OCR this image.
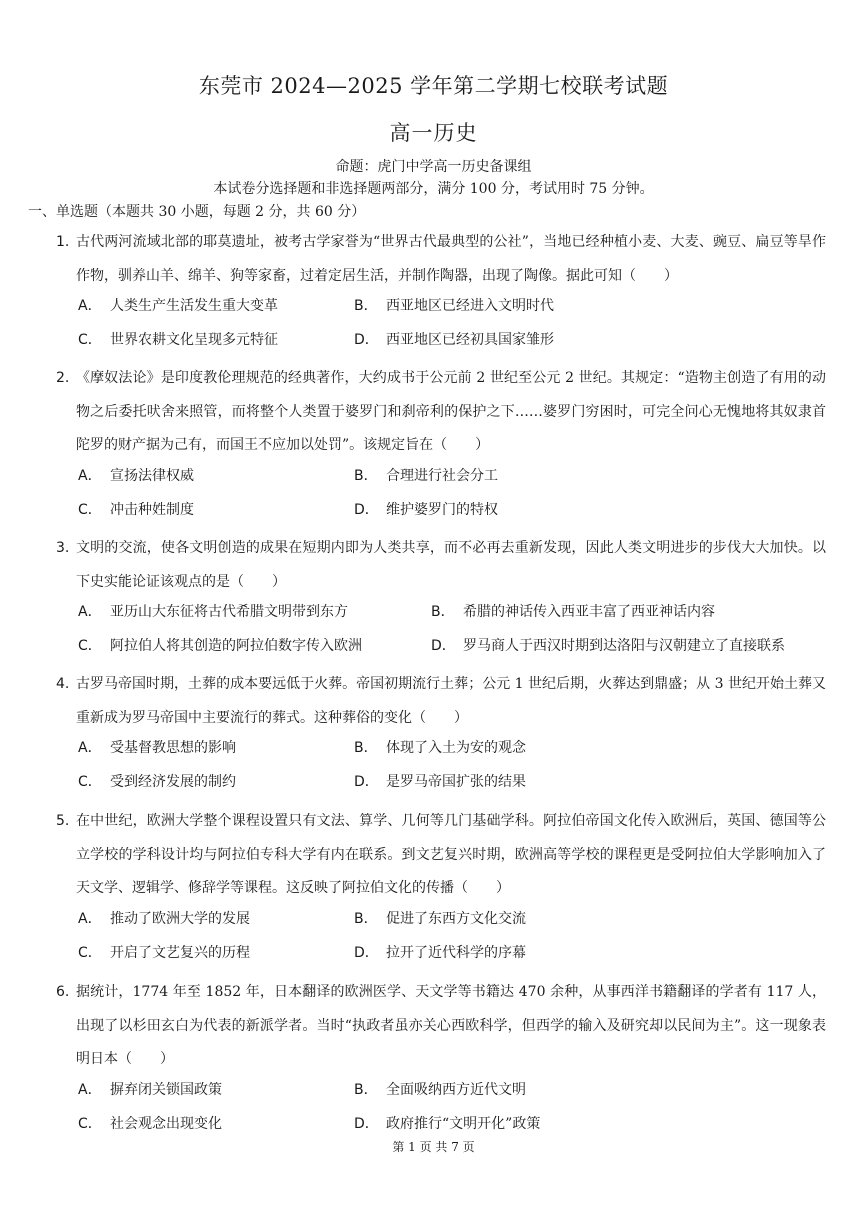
东莞市 2024—2025 学年第二学期七校联考试题
高一历史
命题：虎门中学高一历史备课组
本试卷分选择题和非选择题两部分，满分 100 分，考试用时 75 分钟。
一、单选题（本题共 30 小题，每题 2 分，共 60 分）
1. 古代两河流域北部的耶莫遗址，被考古学家誉为“世界古代最典型的公社”，当地已经种植小麦、大麦、豌豆、扁豆等旱作作物，驯养山羊、绵羊、狗等家畜，过着定居生活，并制作陶器，出现了陶像。据此可知（　　）
A． 人类生产生活发生重大变革	B． 西亚地区已经进入文明时代
C． 世界农耕文化呈现多元特征	D． 西亚地区已经初具国家雏形
2. 《摩奴法论》是印度教伦理规范的经典著作，大约成书于公元前 2 世纪至公元 2 世纪。其规定：“造物主创造了有用的动物之后委托吠舍来照管，而将整个人类置于婆罗门和刹帝利的保护之下……婆罗门穷困时，可完全问心无愧地将其奴隶首陀罗的财产据为己有，而国王不应加以处罚”。该规定旨在（　　）
A． 宣扬法律权威	B． 合理进行社会分工
C． 冲击种姓制度	D． 维护婆罗门的特权
3. 文明的交流，使各文明创造的成果在短期内即为人类共享，而不必再去重新发现，因此人类文明进步的步伐大大加快。以下史实能论证该观点的是（　　）
A． 亚历山大东征将古代希腊文明带到东方	B． 希腊的神话传入西亚丰富了西亚神话内容
C． 阿拉伯人将其创造的阿拉伯数字传入欧洲	D． 罗马商人于西汉时期到达洛阳与汉朝建立了直接联系
4. 古罗马帝国时期，土葬的成本要远低于火葬。帝国初期流行土葬；公元 1 世纪后期，火葬达到鼎盛；从 3 世纪开始土葬又重新成为罗马帝国中主要流行的葬式。这种葬俗的变化（　　）
A． 受基督教思想的影响	B． 体现了入土为安的观念
C． 受到经济发展的制约	D． 是罗马帝国扩张的结果
5. 在中世纪，欧洲大学整个课程设置只有文法、算学、几何等几门基础学科。阿拉伯帝国文化传入欧洲后，英国、德国等公立学校的学科设计均与阿拉伯专科大学有内在联系。到文艺复兴时期，欧洲高等学校的课程更是受阿拉伯大学影响加入了天文学、逻辑学、修辞学等课程。这反映了阿拉伯文化的传播（　　）
A． 推动了欧洲大学的发展	B． 促进了东西方文化交流
C． 开启了文艺复兴的历程	D． 拉开了近代科学的序幕
6. 据统计，1774 年至 1852 年，日本翻译的欧洲医学、天文学等书籍达 470 余种，从事西洋书籍翻译的学者有 117 人，出现了以杉田玄白为代表的新派学者。当时“执政者虽亦关心西欧科学，但西学的输入及研究却以民间为主”。这一现象表明日本（　　）
A． 摒弃闭关锁国政策	B． 全面吸纳西方近代文明
C． 社会观念出现变化	D． 政府推行“文明开化”政策
第 1 页 共 7 页
